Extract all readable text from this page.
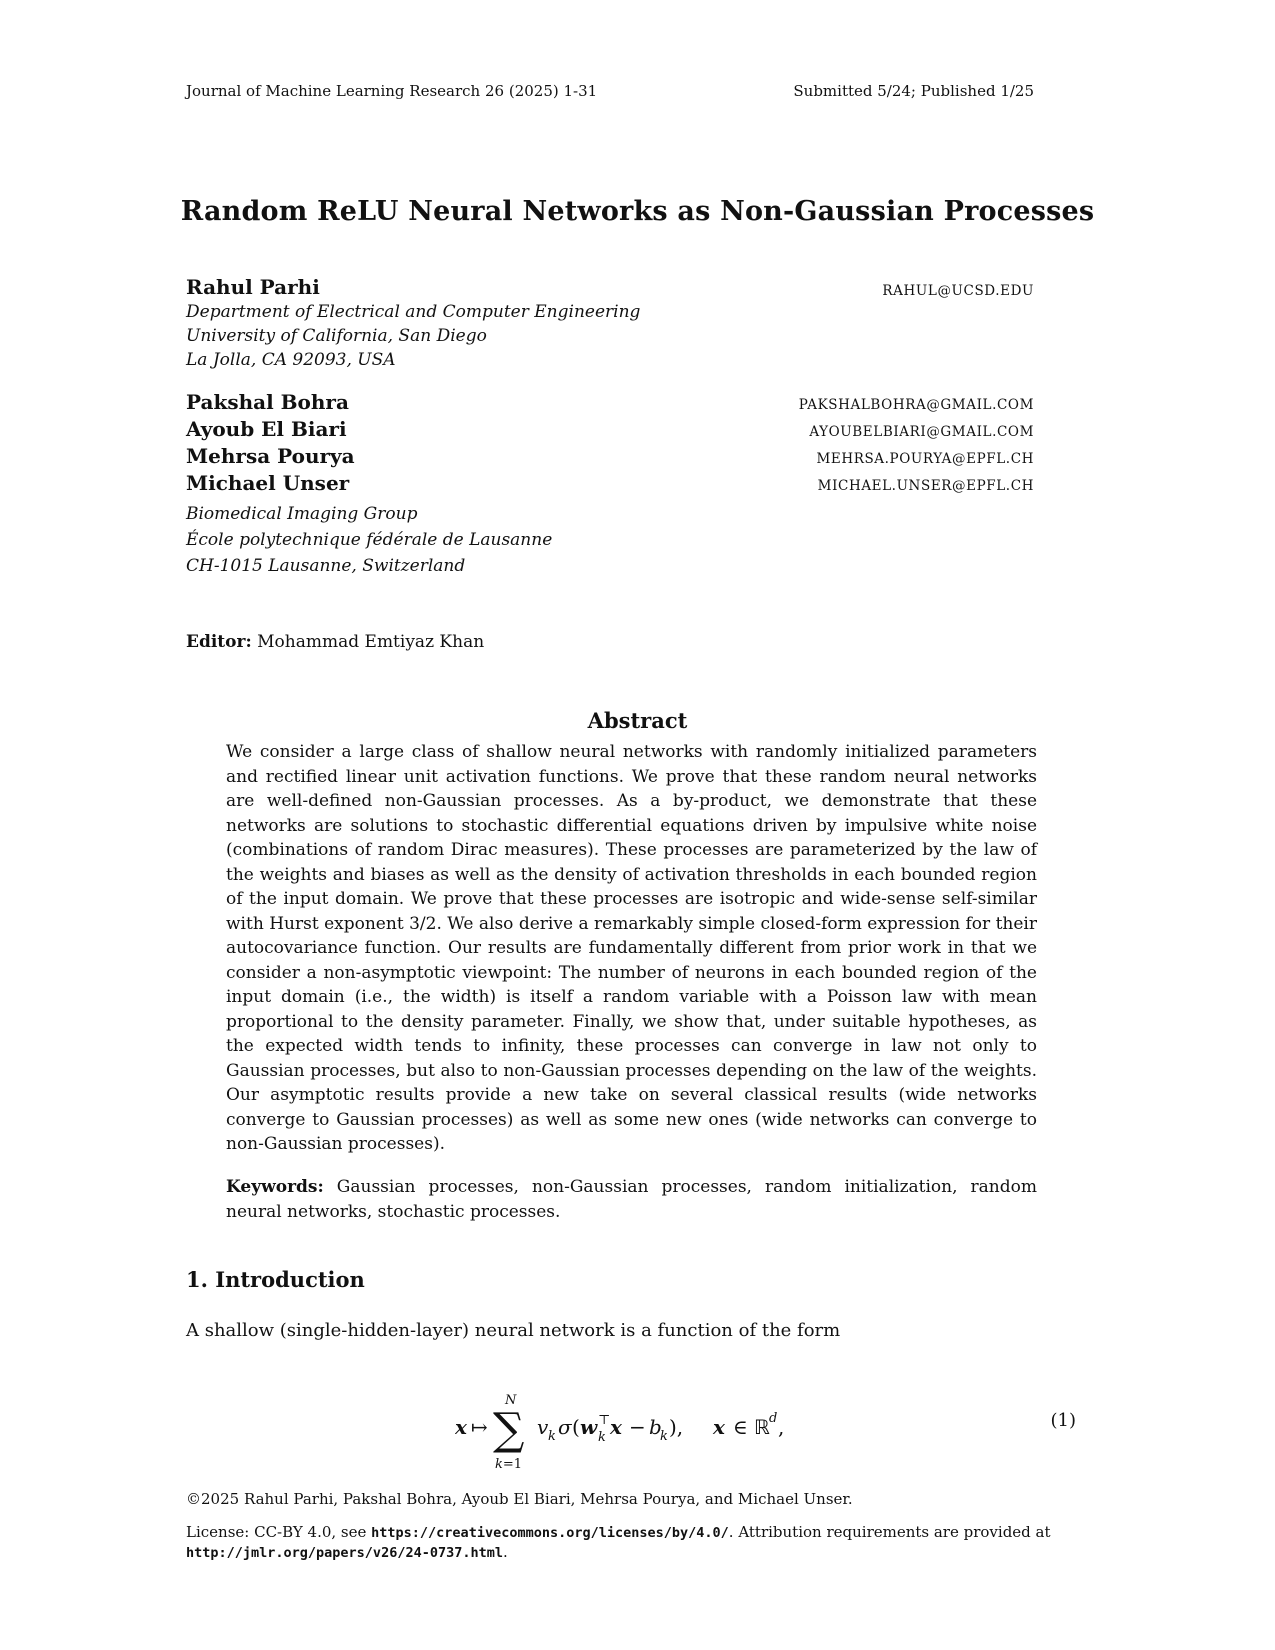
Journal of Machine Learning Research 26 (2025) 1-31	Submitted 5/24; Published 1/25
Random ReLU Neural Networks as Non-Gaussian Processes
Rahul Parhi	RAHUL@UCSD.EDU
Department of Electrical and Computer Engineering
University of California, San Diego
La Jolla, CA 92093, USA
Pakshal Bohra	PAKSHALBOHRA@GMAIL.COM
Ayoub El Biari	AYOUBELBIARI@GMAIL.COM
Mehrsa Pourya	MEHRSA.POURYA@EPFL.CH
Michael Unser	MICHAEL.UNSER@EPFL.CH
Biomedical Imaging Group
École polytechnique fédérale de Lausanne
CH-1015 Lausanne, Switzerland
Editor: Mohammad Emtiyaz Khan
Abstract
We consider a large class of shallow neural networks with randomly initialized parameters and rectified linear unit activation functions. We prove that these random neural networks are well-defined non-Gaussian processes. As a by-product, we demonstrate that these networks are solutions to stochastic differential equations driven by impulsive white noise (combinations of random Dirac measures). These processes are parameterized by the law of the weights and biases as well as the density of activation thresholds in each bounded region of the input domain. We prove that these processes are isotropic and wide-sense self-similar with Hurst exponent 3/2. We also derive a remarkably simple closed-form expression for their autocovariance function. Our results are fundamentally different from prior work in that we consider a non-asymptotic viewpoint: The number of neurons in each bounded region of the input domain (i.e., the width) is itself a random variable with a Poisson law with mean proportional to the density parameter. Finally, we show that, under suitable hypotheses, as the expected width tends to infinity, these processes can converge in law not only to Gaussian processes, but also to non-Gaussian processes depending on the law of the weights. Our asymptotic results provide a new take on several classical results (wide networks converge to Gaussian processes) as well as some new ones (wide networks can converge to non-Gaussian processes).
Keywords: Gaussian processes, non-Gaussian processes, random initialization, random neural networks, stochastic processes.
1. Introduction
A shallow (single-hidden-layer) neural network is a function of the form
x ↦
N
∑
k=1
v k σ ( w ⊤
k x − b
k ), x ∈ ℝ d ,	(1)
©2025 Rahul Parhi, Pakshal Bohra, Ayoub El Biari, Mehrsa Pourya, and Michael Unser.
License: CC-BY 4.0, see https://creativecommons.org/licenses/by/4.0/. Attribution requirements are provided at http://jmlr.org/papers/v26/24-0737.html.
